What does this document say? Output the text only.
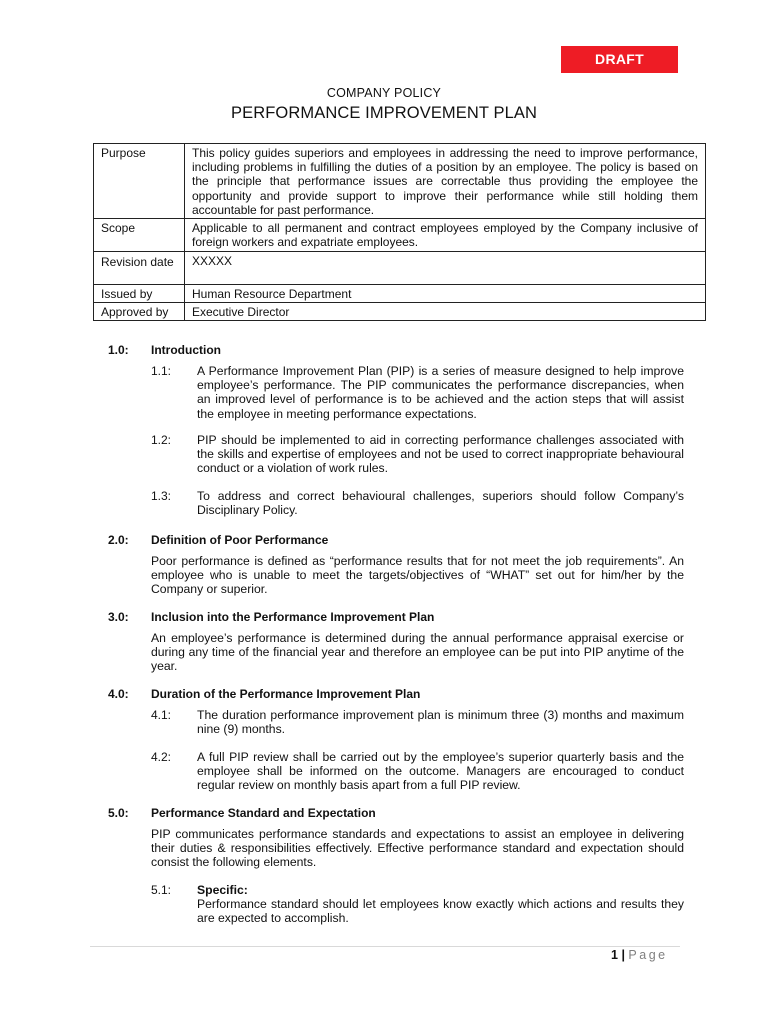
DRAFT
COMPANY POLICY
PERFORMANCE IMPROVEMENT PLAN
Purpose	This policy guides superiors and employees in addressing the need to improve performance, including problems in fulfilling the duties of a position by an employee. The policy is based on the principle that performance issues are correctable thus providing the employee the opportunity and provide support to improve their performance while still holding them accountable for past performance.
Scope	Applicable to all permanent and contract employees employed by the Company inclusive of foreign workers and expatriate employees.
Revision date	XXXXX
Issued by	Human Resource Department
Approved by	Executive Director
1.0: Introduction
1.1: A Performance Improvement Plan (PIP) is a series of measure designed to help improve employee’s performance. The PIP communicates the performance discrepancies, when an improved level of performance is to be achieved and the action steps that will assist the employee in meeting performance expectations.
1.2: PIP should be implemented to aid in correcting performance challenges associated with the skills and expertise of employees and not be used to correct inappropriate behavioural conduct or a violation of work rules.
1.3: To address and correct behavioural challenges, superiors should follow Company’s Disciplinary Policy.
2.0: Definition of Poor Performance
Poor performance is defined as “performance results that for not meet the job requirements”. An employee who is unable to meet the targets/objectives of “WHAT” set out for him/her by the Company or superior.
3.0: Inclusion into the Performance Improvement Plan
An employee’s performance is determined during the annual performance appraisal exercise or during any time of the financial year and therefore an employee can be put into PIP anytime of the year.
4.0: Duration of the Performance Improvement Plan
4.1: The duration performance improvement plan is minimum three (3) months and maximum nine (9) months.
4.2: A full PIP review shall be carried out by the employee’s superior quarterly basis and the employee shall be informed on the outcome. Managers are encouraged to conduct regular review on monthly basis apart from a full PIP review.
5.0: Performance Standard and Expectation
PIP communicates performance standards and expectations to assist an employee in delivering their duties & responsibilities effectively. Effective performance standard and expectation should consist the following elements.
5.1: Specific:
Performance standard should let employees know exactly which actions and results they are expected to accomplish.
1 | Page
